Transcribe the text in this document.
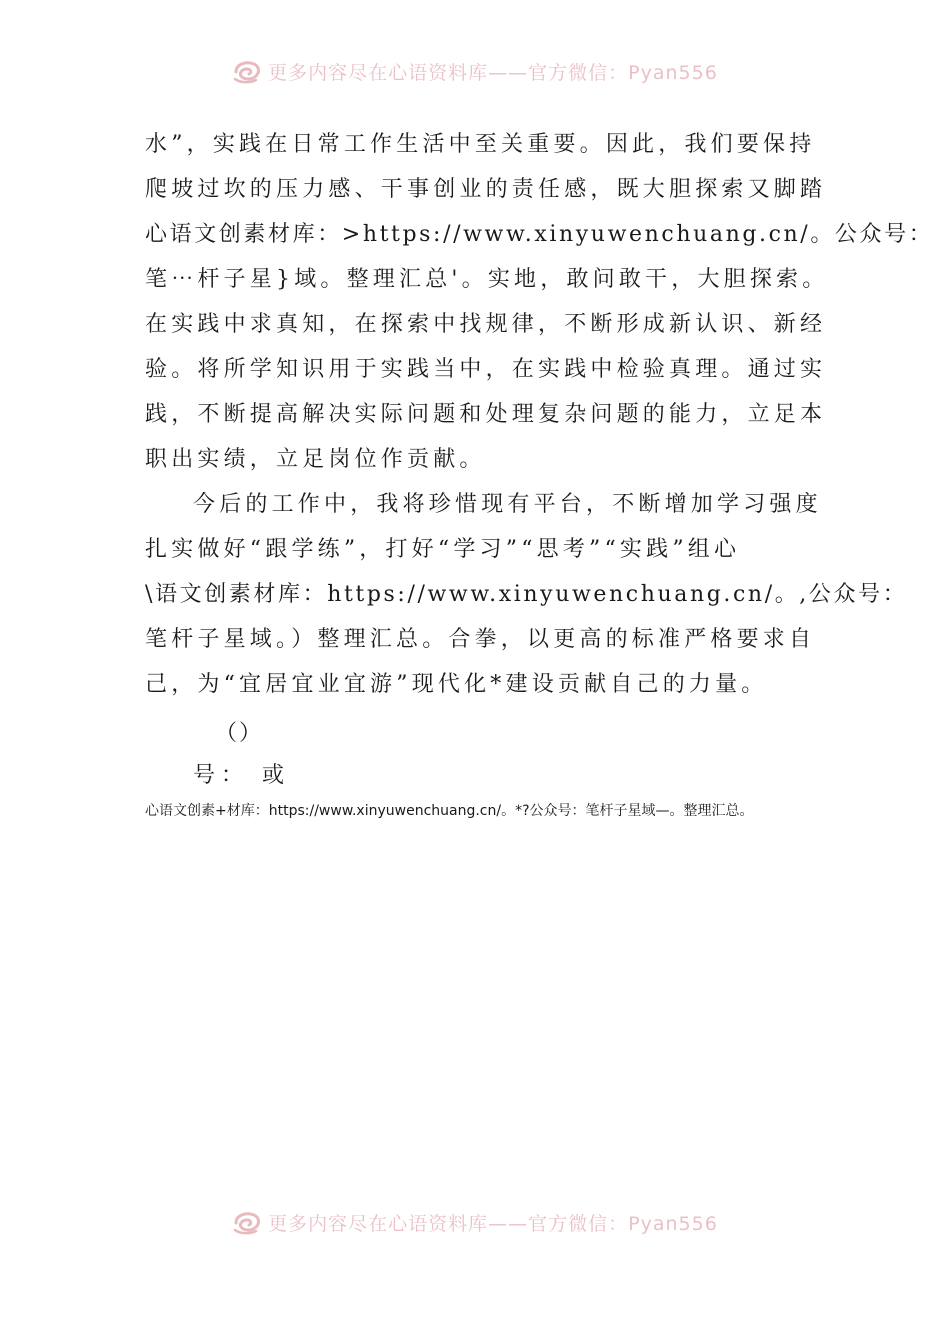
更多内容尽在心语资料库——官方微信：Pyan556
水”，实践在日常工作生活中至关重要。因此，我们要保持
爬坡过坎的压力感、干事创业的责任感，既大胆探索又脚踏
心语文创素材库：>https://www.xinyuwenchuang.cn/。公众号：
笔⋯杆子星}域。整理汇总'。实地，敢问敢干，大胆探索。
在实践中求真知，在探索中找规律，不断形成新认识、新经
验。将所学知识用于实践当中，在实践中检验真理。通过实
践，不断提高解决实际问题和处理复杂问题的能力，立足本
职出实绩，立足岗位作贡献。
今后的工作中，我将珍惜现有平台，不断增加学习强度
扎实做好“跟学练”，打好“学习”“思考”“实践”组心
\语文创素材库：https://www.xinyuwenchuang.cn/。,公众号：
笔杆子星域。）整理汇总。合拳，以更高的标准严格要求自
己，为“宜居宜业宜游”现代化*建设贡献自己的力量。
（）
号： 或
心语文创素+材库：https://www.xinyuwenchuang.cn/。*?公众号：笔杆子星域—。整理汇总。
更多内容尽在心语资料库——官方微信：Pyan556
